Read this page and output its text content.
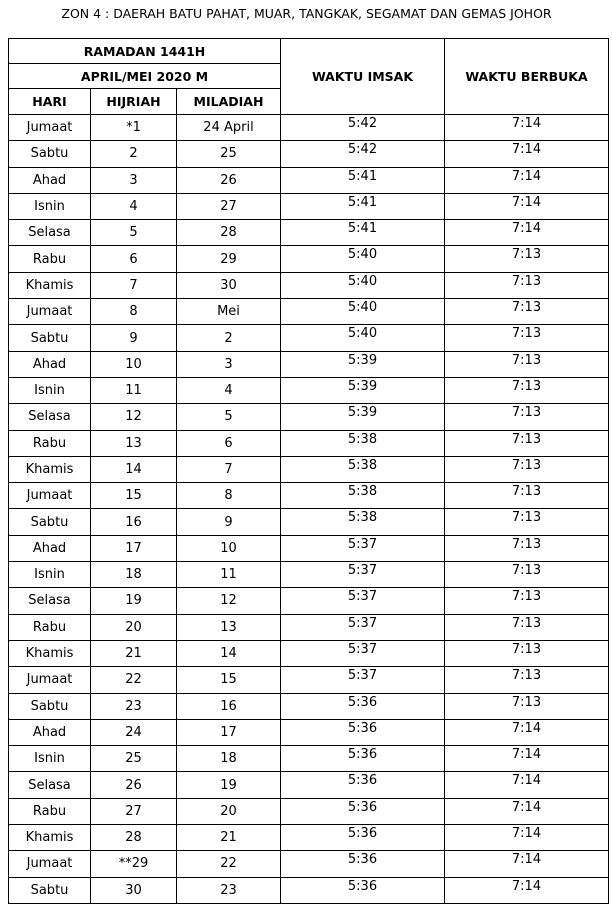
ZON 4 : DAERAH BATU PAHAT, MUAR, TANGKAK, SEGAMAT DAN GEMAS JOHOR
RAMADAN 1441H			WAKTU IMSAK	WAKTU BERBUKA
APRIL/MEI 2020 M				
HARI	HIJRIAH	MILADIAH		
Jumaat	*1	24 April	5:42	7:14
Sabtu	2	25	5:42	7:14
Ahad	3	26	5:41	7:14
Isnin	4	27	5:41	7:14
Selasa	5	28	5:41	7:14
Rabu	6	29	5:40	7:13
Khamis	7	30	5:40	7:13
Jumaat	8	Mei	5:40	7:13
Sabtu	9	2	5:40	7:13
Ahad	10	3	5:39	7:13
Isnin	11	4	5:39	7:13
Selasa	12	5	5:39	7:13
Rabu	13	6	5:38	7:13
Khamis	14	7	5:38	7:13
Jumaat	15	8	5:38	7:13
Sabtu	16	9	5:38	7:13
Ahad	17	10	5:37	7:13
Isnin	18	11	5:37	7:13
Selasa	19	12	5:37	7:13
Rabu	20	13	5:37	7:13
Khamis	21	14	5:37	7:13
Jumaat	22	15	5:37	7:13
Sabtu	23	16	5:36	7:13
Ahad	24	17	5:36	7:14
Isnin	25	18	5:36	7:14
Selasa	26	19	5:36	7:14
Rabu	27	20	5:36	7:14
Khamis	28	21	5:36	7:14
Jumaat	**29	22	5:36	7:14
Sabtu	30	23	5:36	7:14
